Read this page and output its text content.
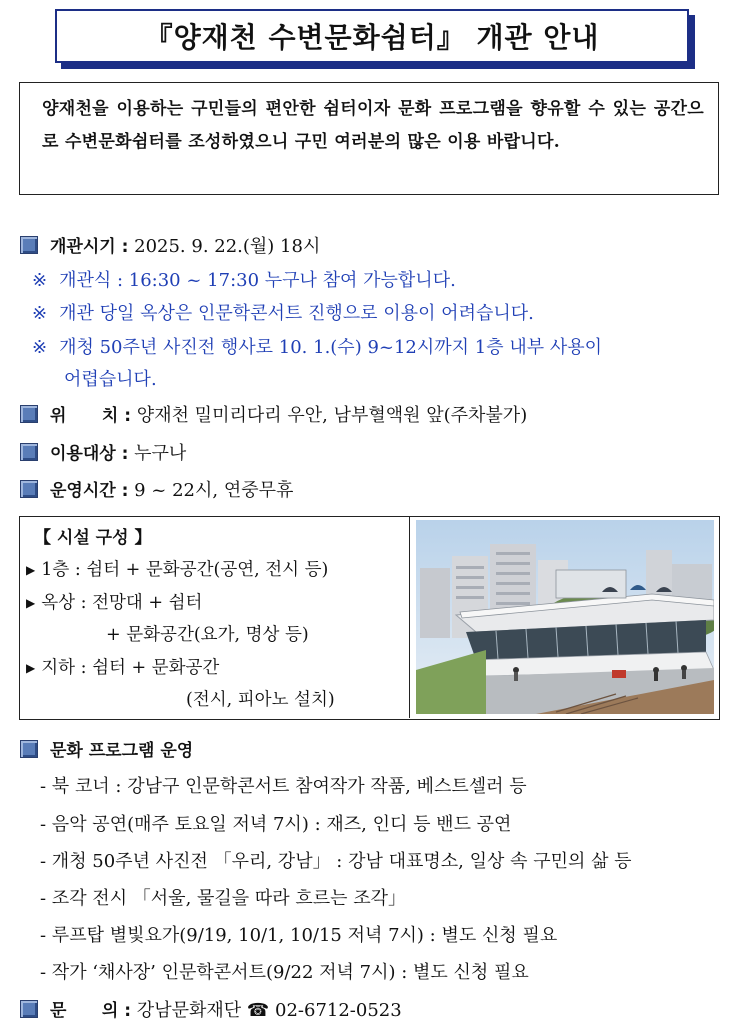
『양재천 수변문화쉼터』 개관 안내
양재천을 이용하는 구민들의 편안한 쉼터이자 문화 프로그램을 향유할 수 있는 공간으로 수변문화쉼터를 조성하였으니 구민 여러분의 많은 이용 바랍니다.
개관시기 : 2025. 9. 22.(월) 18시
※ 개관식 : 16:30 ~ 17:30 누구나 참여 가능합니다.
※ 개관 당일 옥상은 인문학콘서트 진행으로 이용이 어려습니다.
※ 개청 50주년 사진전 행사로 10. 1.(수) 9~12시까지 1층 내부 사용이
어렵습니다.
위      치 : 양재천 밀미리다리 우안, 남부혈액원 앞(주차불가)
이용대상 : 누구나
운영시간 : 9 ~ 22시, 연중무휴
【 시설 구성 】
▶ 1층 : 쉼터 + 문화공간(공연, 전시 등)
▶ 옥상 : 전망대 + 쉼터
+ 문화공간(요가, 명상 등)
▶ 지하 : 쉼터 + 문화공간
(전시, 피아노 설치)
문화 프로그램 운영
- 북 코너 : 강남구 인문학콘서트 참여작가 작품, 베스트셀러 등
- 음악 공연(매주 토요일 저녁 7시) : 재즈, 인디 등 밴드 공연
- 개청 50주년 사진전 「우리, 강남」 : 강남 대표명소, 일상 속 구민의 삶 등
- 조각 전시 「서울, 물길을 따라 흐르는 조각」
- 루프탑 별빛요가(9/19, 10/1, 10/15 저녁 7시) : 별도 신청 필요
- 작가 ‘채사장’ 인문학콘서트(9/22 저녁 7시) : 별도 신청 필요
문      의 : 강남문화재단 ☎ 02-6712-0523
